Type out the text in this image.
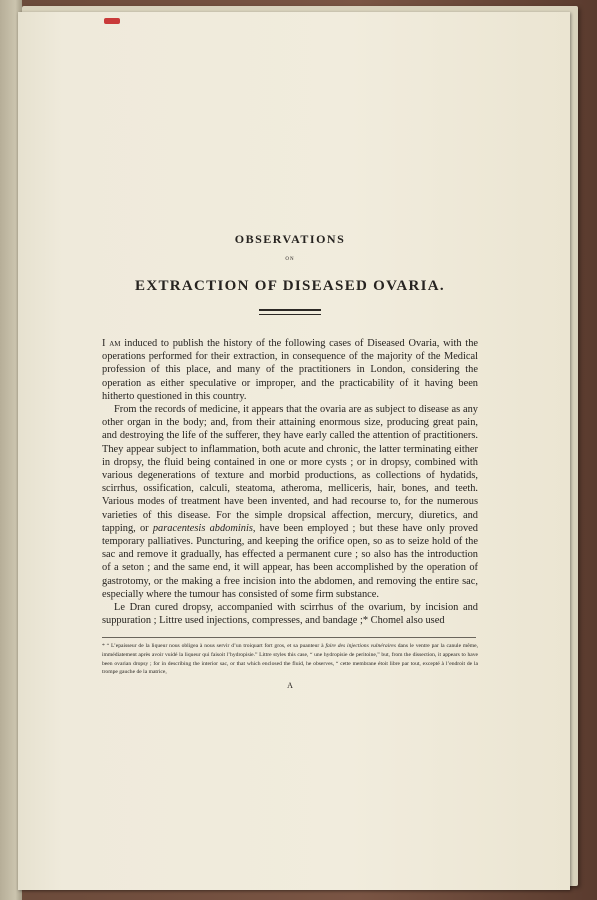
OBSERVATIONS
ON
EXTRACTION OF DISEASED OVARIA.

I am induced to publish the history of the following cases of Diseased Ovaria, with the operations performed for their extraction, in consequence of the majority of the Medical profession of this place, and many of the practitioners in London, considering the operation as either speculative or improper, and the practicability of it having been hitherto questioned in this country.

From the records of medicine, it appears that the ovaria are as subject to disease as any other organ in the body; and, from their attaining enormous size, producing great pain, and destroying the life of the sufferer, they have early called the attention of practitioners. They appear subject to inflammation, both acute and chronic, the latter terminating either in dropsy, the fluid being contained in one or more cysts ; or in dropsy, combined with various degenerations of texture and morbid productions, as collections of hydatids, scirrhus, ossification, calculi, steatoma, atheroma, melliceris, hair, bones, and teeth. Various modes of treatment have been invented, and had recourse to, for the numerous varieties of this disease. For the simple dropsical affection, mercury, diuretics, and tapping, or paracentesis abdominis, have been employed ; but these have only proved temporary palliatives. Puncturing, and keeping the orifice open, so as to seize hold of the sac and remove it gradually, has effected a permanent cure ; so also has the introduction of a seton ; and the same end, it will appear, has been accomplished by the operation of gastrotomy, or the making a free incision into the abdomen, and removing the entire sac, especially where the tumour has consisted of some firm substance.

Le Dran cured dropsy, accompanied with scirrhus of the ovarium, by incision and suppuration ; Littre used injections, compresses, and bandage ;* Chomel also used

* “ L’epaisseur de la liqueur nous obligea à nous servir d’un troiquart fort gros, et sa puanteur à faire des injections vulnéraires dans le ventre par la canule même, immédiatement après avoir vuidé la liqueur qui faisoit l’hydropisie.” Littre styles this case, “ une hydropisie de peritoine,” but, from the dissection, it appears to have been ovarian dropsy ; for in describing the interior sac, or that which enclosed the fluid, he observes, “ cette membrane étoit libre par tout, excepté à l’endroit de la trompe gauche de la matrice,

A
